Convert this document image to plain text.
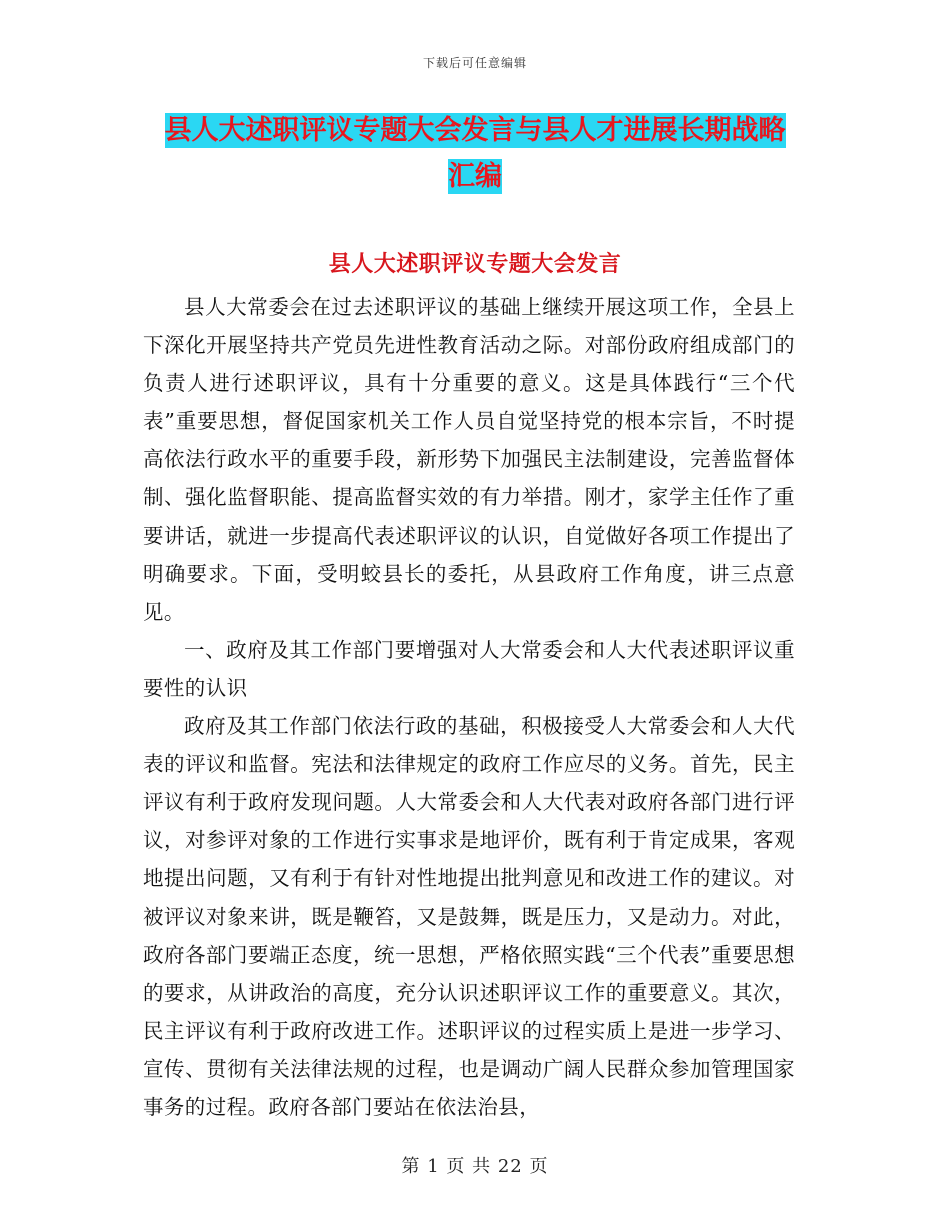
下载后可任意编辑
县人大述职评议专题大会发言与县人才进展长期战略
汇编
县人大述职评议专题大会发言

县人大常委会在过去述职评议的基础上继续开展这项工作，全县上下深化开展坚持共产党员先进性教育活动之际。对部份政府组成部门的负责人进行述职评议，具有十分重要的意义。这是具体践行“三个代表”重要思想，督促国家机关工作人员自觉坚持党的根本宗旨，不时提高依法行政水平的重要手段，新形势下加强民主法制建设，完善监督体制、强化监督职能、提高监督实效的有力举措。刚才，家学主任作了重要讲话，就进一步提高代表述职评议的认识，自觉做好各项工作提出了明确要求。下面，受明蛟县长的委托，从县政府工作角度，讲三点意见。

一、政府及其工作部门要增强对人大常委会和人大代表述职评议重要性的认识

政府及其工作部门依法行政的基础，积极接受人大常委会和人大代表的评议和监督。宪法和法律规定的政府工作应尽的义务。首先，民主评议有利于政府发现问题。人大常委会和人大代表对政府各部门进行评议，对参评对象的工作进行实事求是地评价，既有利于肯定成果，客观地提出问题，又有利于有针对性地提出批判意见和改进工作的建议。对被评议对象来讲，既是鞭笞，又是鼓舞，既是压力，又是动力。对此，政府各部门要端正态度，统一思想，严格依照实践“三个代表”重要思想的要求，从讲政治的高度，充分认识述职评议工作的重要意义。其次，民主评议有利于政府改进工作。述职评议的过程实质上是进一步学习、宣传、贯彻有关法律法规的过程，也是调动广阔人民群众参加管理国家事务的过程。政府各部门要站在依法治县，

第 1 页 共 22 页
